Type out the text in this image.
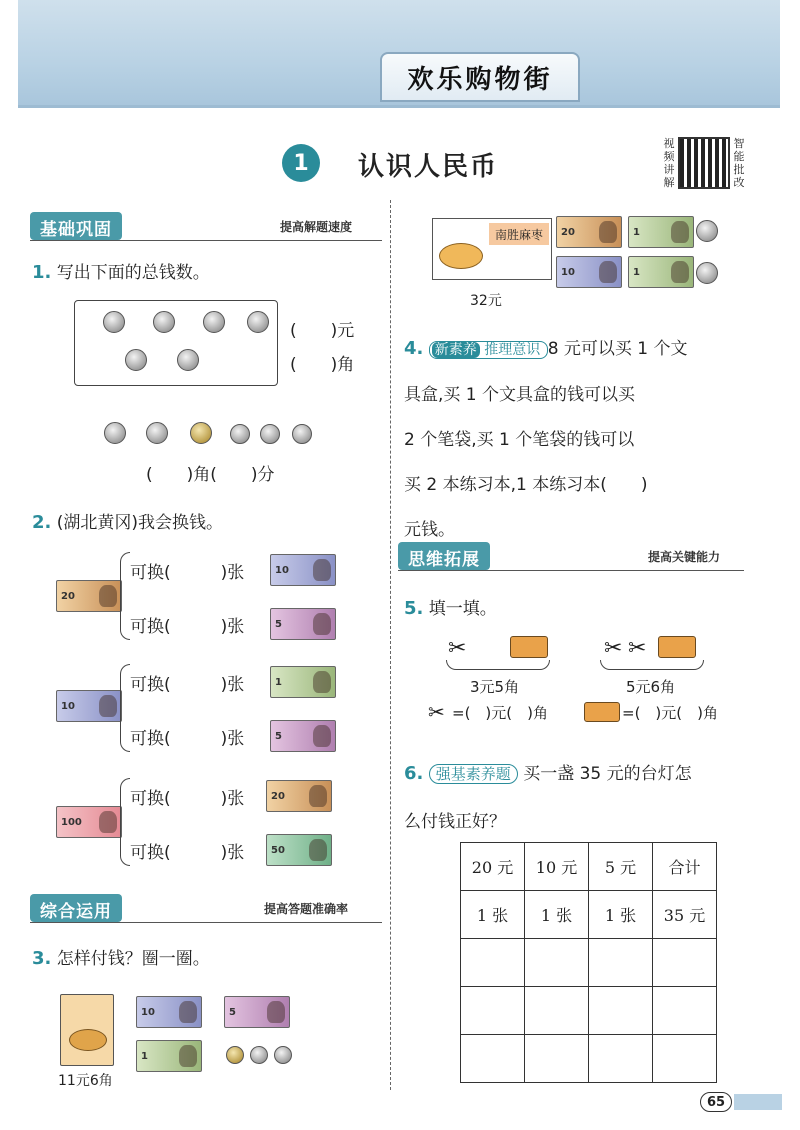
欢乐购物街
1	认识人民币
视
频
讲
解
智
能
批
改
基础巩固	提高解题速度
1. 写出下面的总钱数。
(　　)元
(　　)角
(　　)角(　　)分
2. (湖北黄冈)我会换钱。
20
可换(	)张	10
可换(	)张	5
10
可换(	)张	1
可换(	)张	5
100
可换(	)张	20
可换(	)张	50
综合运用	提高答题准确率
3. 怎样付钱？圈一圈。
11元6角
10	5
1
南胜麻枣
32元
20	1
10	1
4. 新素养 推理意识 8 元可以买 1 个文
具盒,买 1 个文具盒的钱可以买
2 个笔袋,买 1 个笔袋的钱可以
买 2 本练习本,1 本练习本(　　)
元钱。
思维拓展	提高关键能力
5. 填一填。
✂
3元5角
✂ ✂
5元6角
✂ =(　)元(　)角	=(　)元(　)角
6. 强基素养题 买一盏 35 元的台灯怎
么付钱正好？
20 元	10 元	5 元	合计
1 张	1 张	1 张	35 元

65
